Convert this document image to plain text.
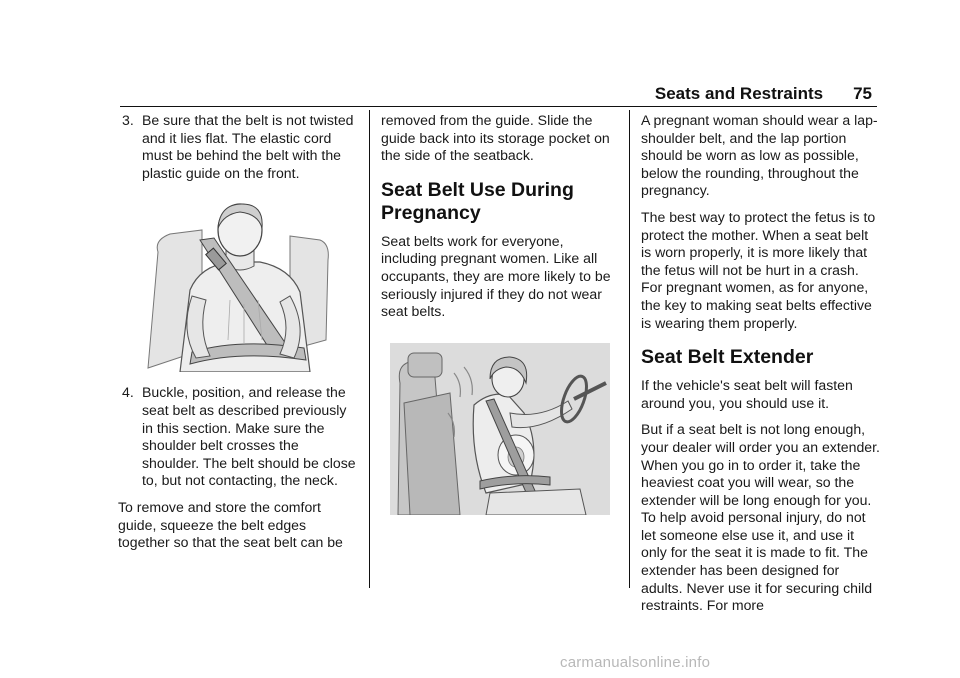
Seats and Restraints 75
3. Be sure that the belt is not twisted and it lies flat. The elastic cord must be behind the belt with the plastic guide on the front.
4. Buckle, position, and release the seat belt as described previously in this section. Make sure the shoulder belt crosses the shoulder. The belt should be close to, but not contacting, the neck.

To remove and store the comfort guide, squeeze the belt edges together so that the seat belt can be

removed from the guide. Slide the guide back into its storage pocket on the side of the seatback.

Seat Belt Use During Pregnancy

Seat belts work for everyone, including pregnant women. Like all occupants, they are more likely to be seriously injured if they do not wear seat belts.

A pregnant woman should wear a lap-shoulder belt, and the lap portion should be worn as low as possible, below the rounding, throughout the pregnancy.

The best way to protect the fetus is to protect the mother. When a seat belt is worn properly, it is more likely that the fetus will not be hurt in a crash. For pregnant women, as for anyone, the key to making seat belts effective is wearing them properly.

Seat Belt Extender

If the vehicle's seat belt will fasten around you, you should use it.

But if a seat belt is not long enough, your dealer will order you an extender. When you go in to order it, take the heaviest coat you will wear, so the extender will be long enough for you. To help avoid personal injury, do not let someone else use it, and use it only for the seat it is made to fit. The extender has been designed for adults. Never use it for securing child restraints. For more

carmanualsonline.info
